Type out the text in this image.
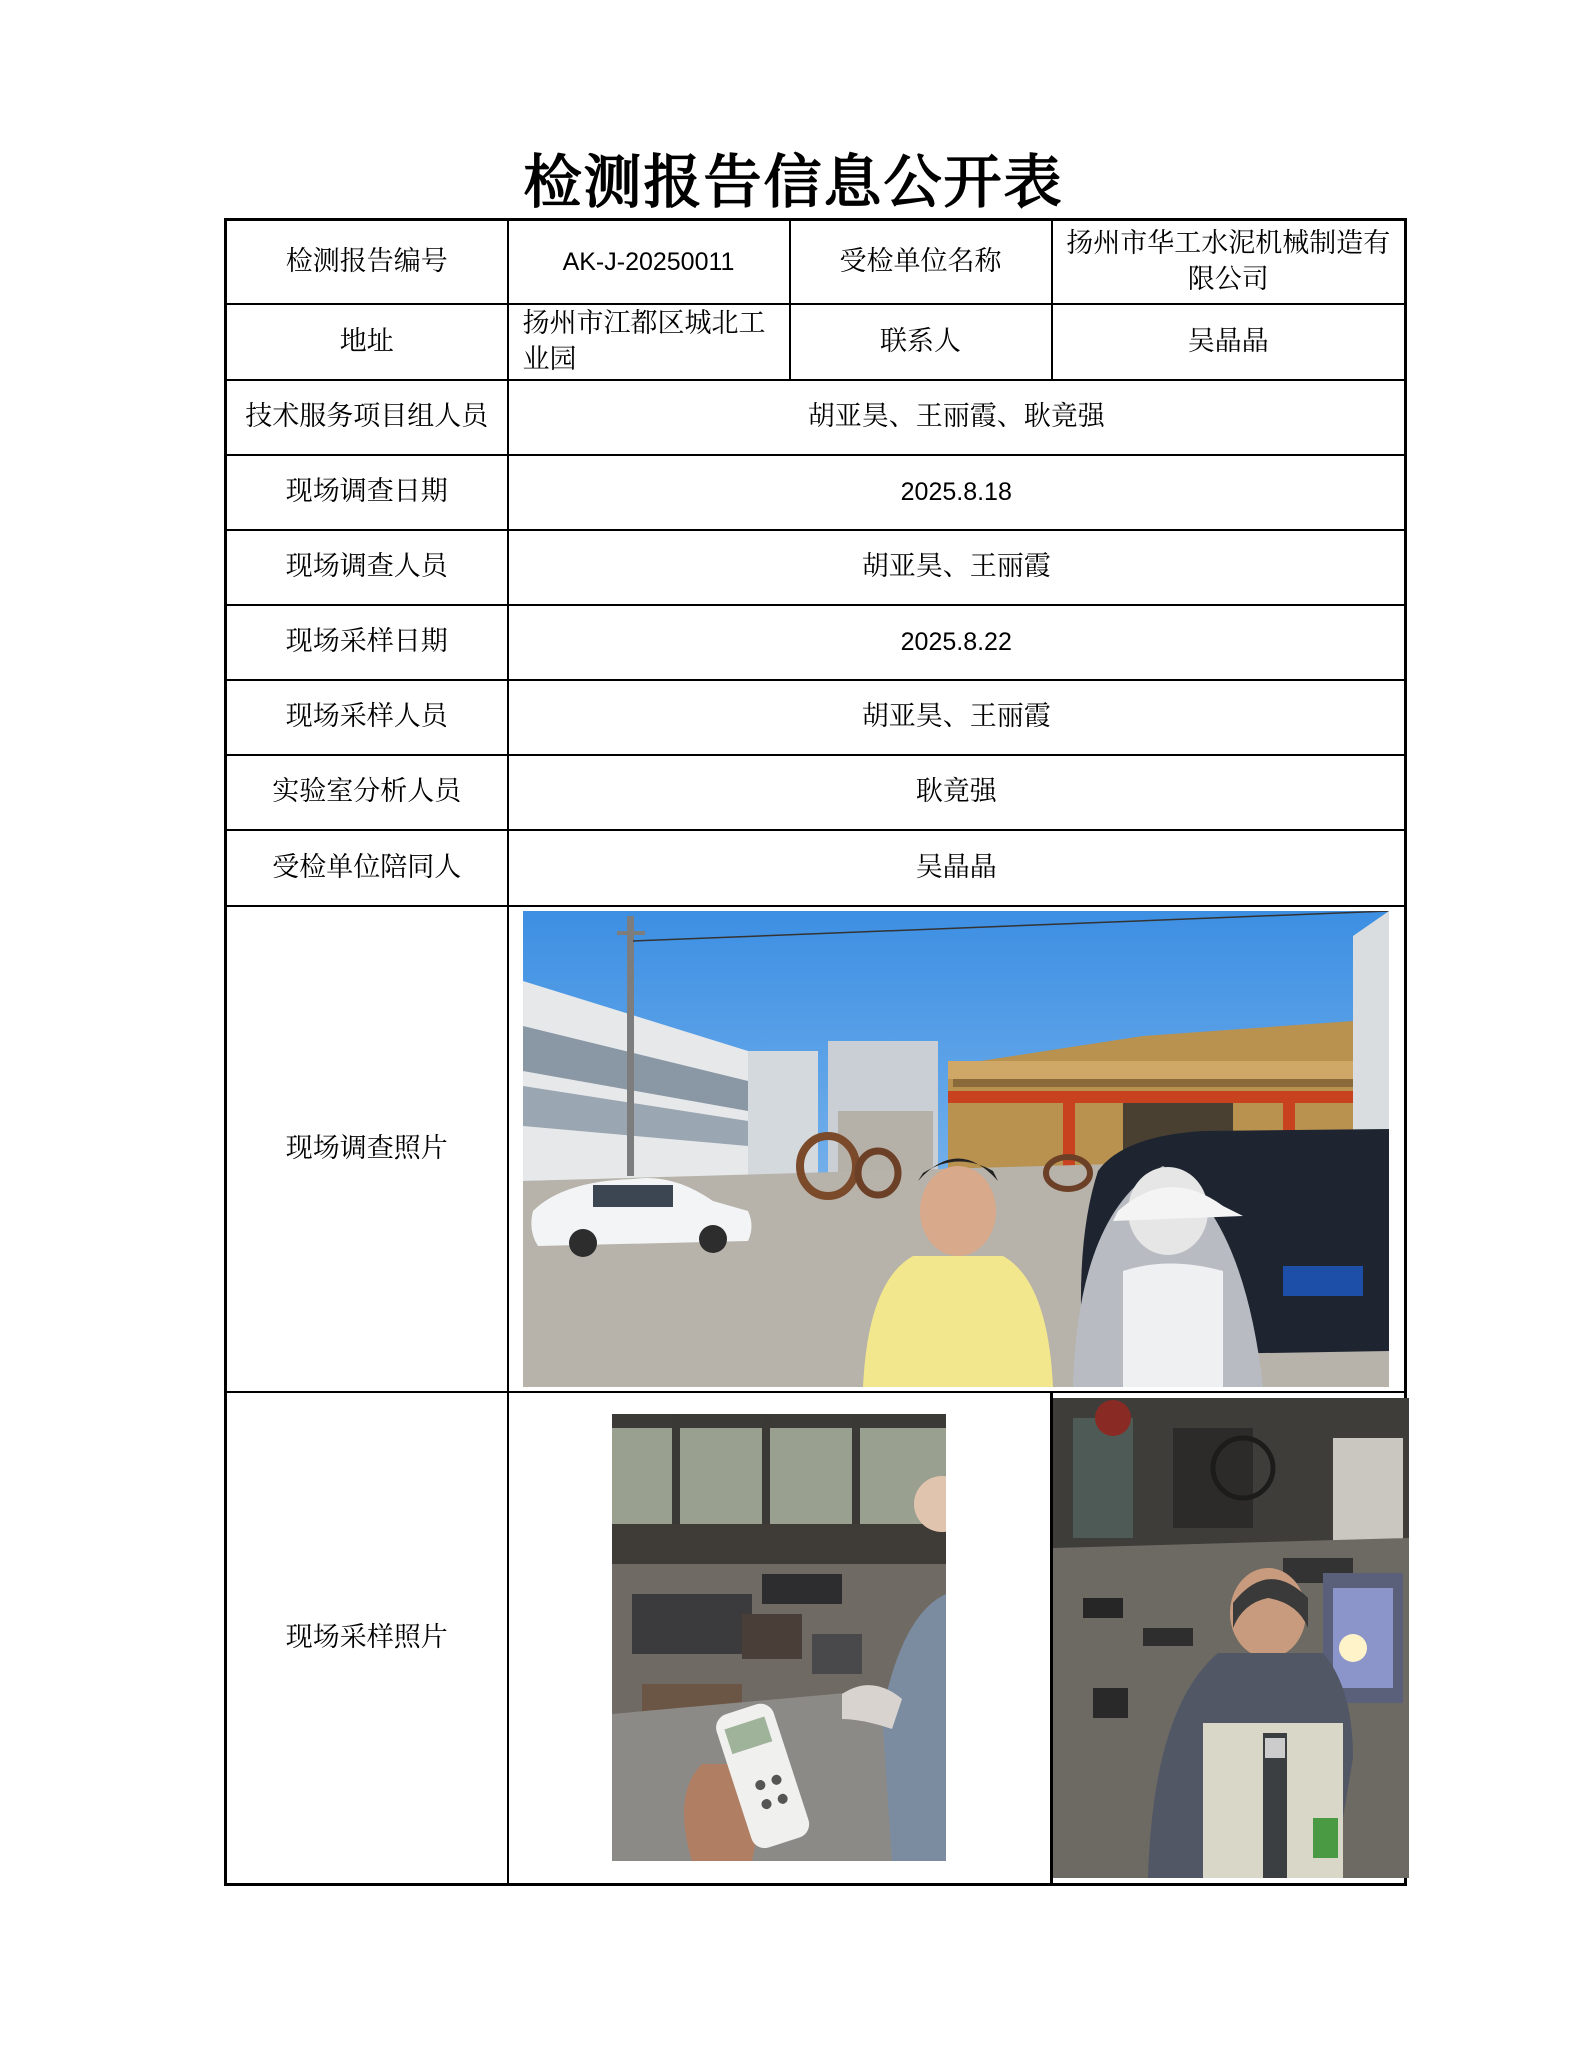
检测报告信息公开表
检测报告编号	AK-J-20250011	受检单位名称	扬州市华工水泥机械制造有限公司
地址	扬州市江都区城北工业园	联系人	吴晶晶
技术服务项目组人员	胡亚昊、王丽霞、耿竟强		
现场调查日期	2025.8.18		
现场调查人员	胡亚昊、王丽霞		
现场采样日期	2025.8.22		
现场采样人员	胡亚昊、王丽霞		
实验室分析人员	耿竟强		
受检单位陪同人	吴晶晶		
现场调查照片	

现场采样照片	
